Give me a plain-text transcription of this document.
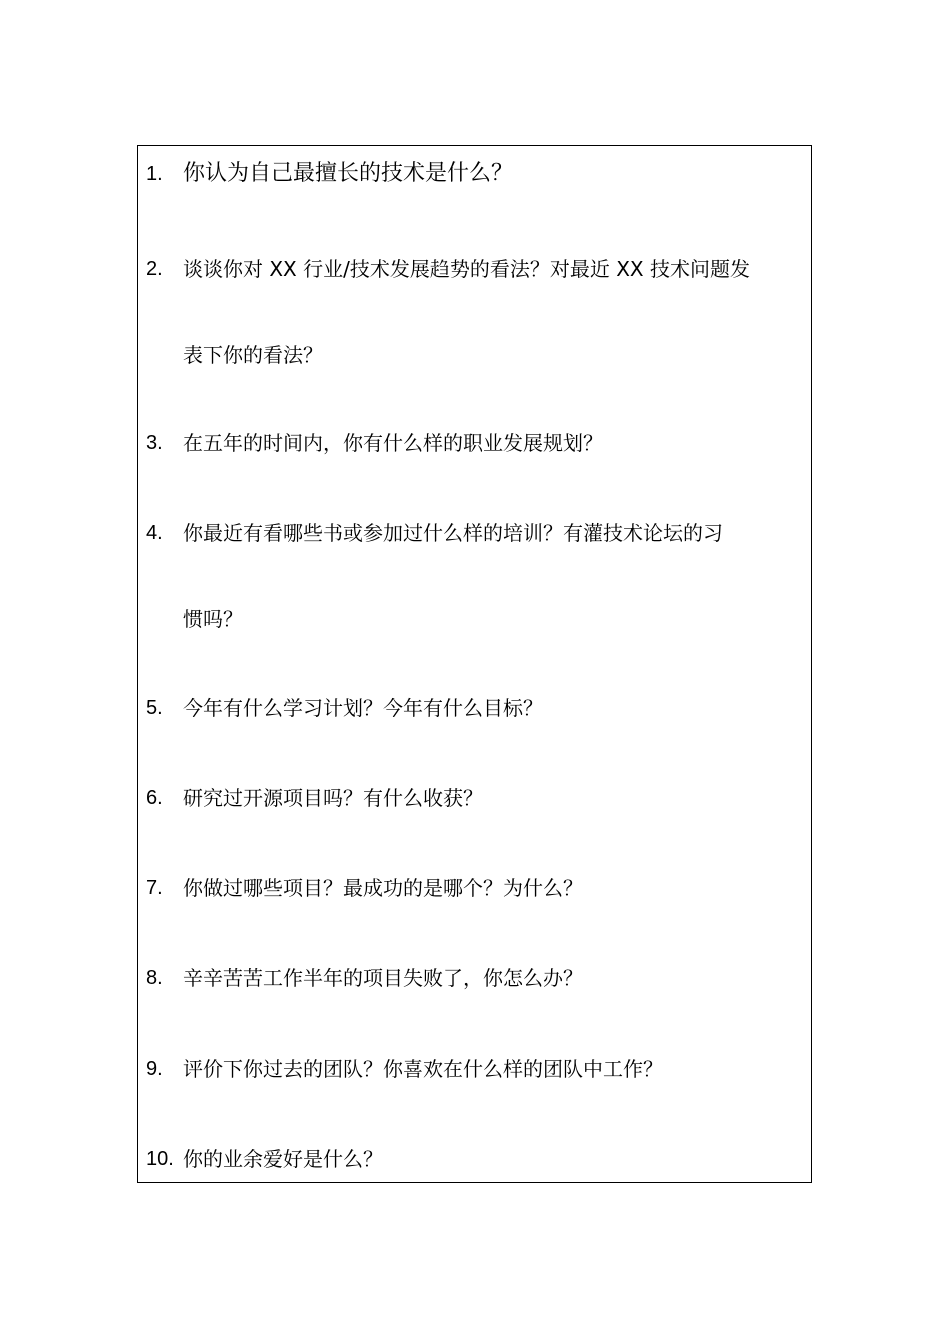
1. 你认为自己最擅长的技术是什么？
2. 谈谈你对 XX 行业/技术发展趋势的看法？对最近 XX 技术问题发
表下你的看法？
3. 在五年的时间内，你有什么样的职业发展规划？
4. 你最近有看哪些书或参加过什么样的培训？有灌技术论坛的习
惯吗？
5. 今年有什么学习计划？今年有什么目标？
6. 研究过开源项目吗？有什么收获？
7. 你做过哪些项目？最成功的是哪个？为什么？
8. 辛辛苦苦工作半年的项目失败了，你怎么办？
9. 评价下你过去的团队？你喜欢在什么样的团队中工作？
10. 你的业余爱好是什么？
